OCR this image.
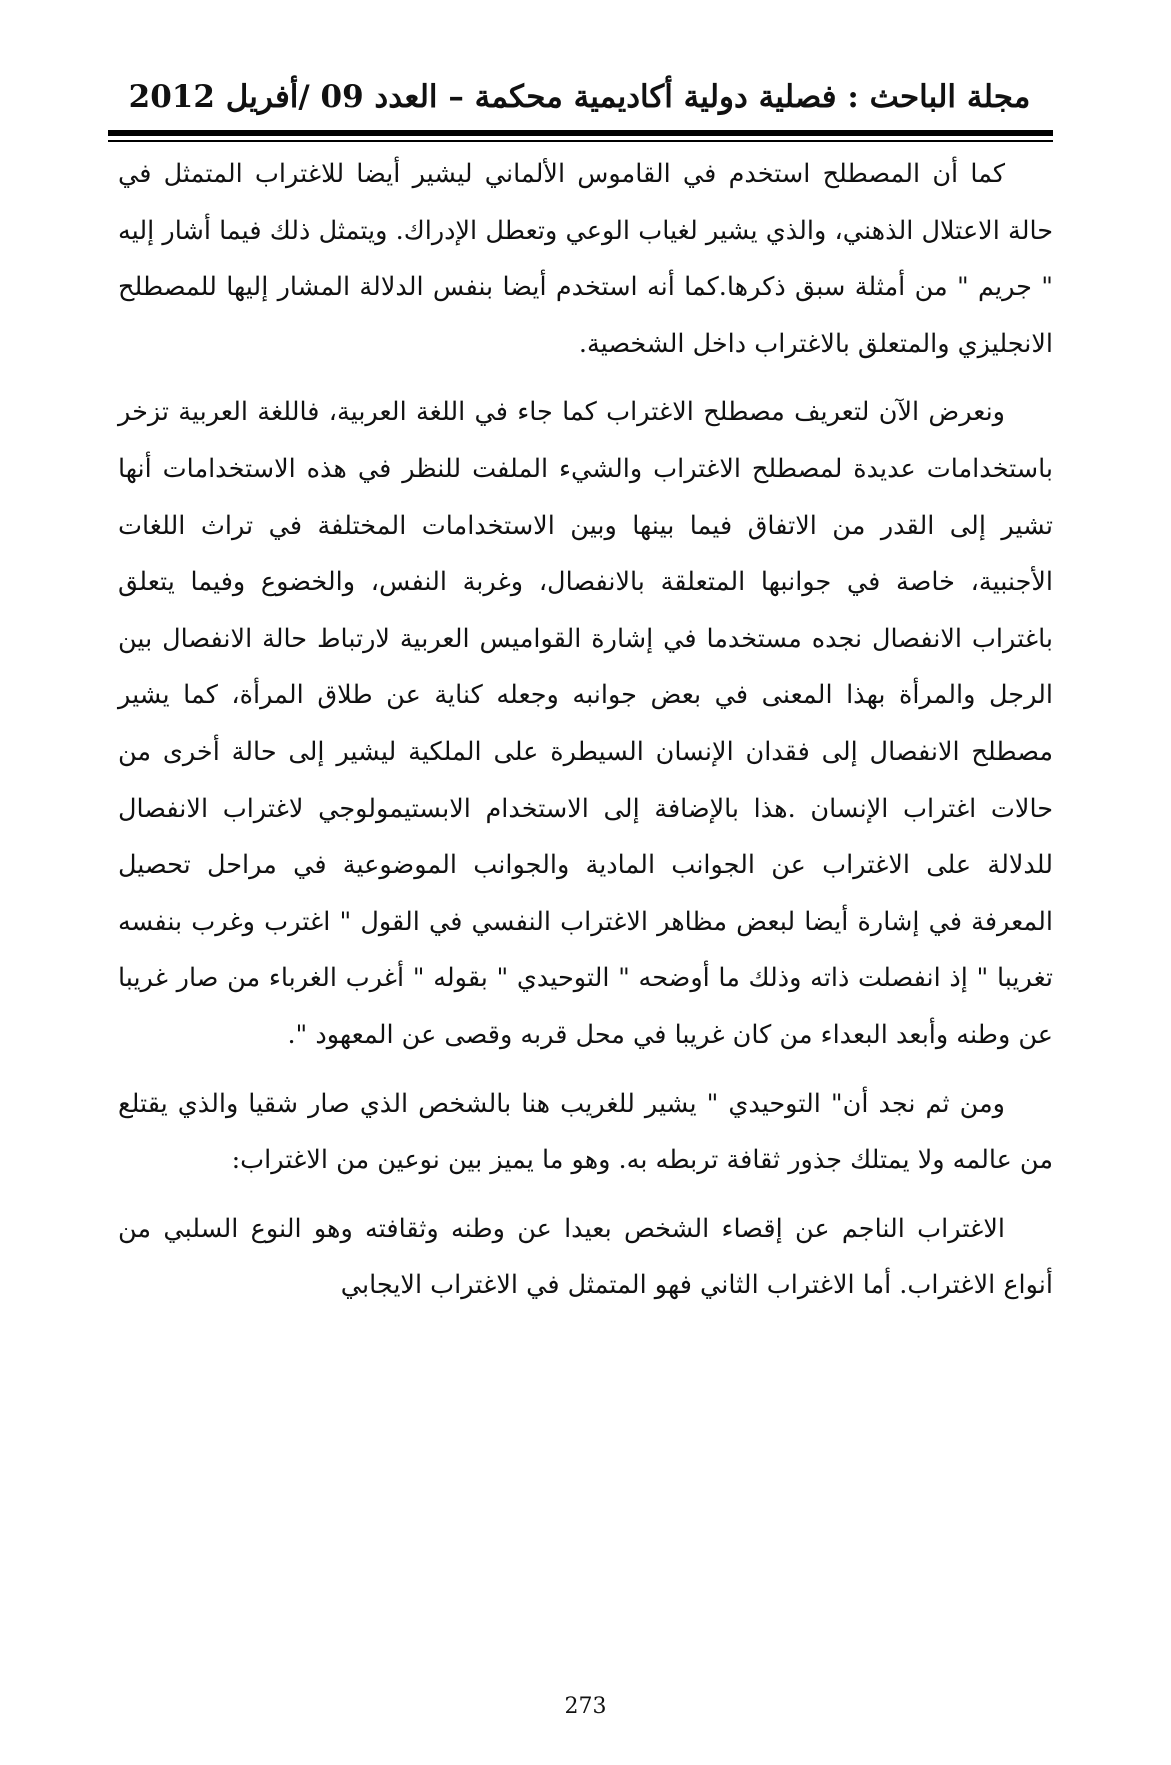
مجلة الباحث : فصلية دولية أكاديمية محكمة – العدد 09 /أفريل 2012

كما أن المصطلح استخدم في القاموس الألماني ليشير أيضا للاغتراب المتمثل في حالة الاعتلال الذهني، والذي يشير لغياب الوعي وتعطل الإدراك. ويتمثل ذلك فيما أشار إليه " جريم " من أمثلة سبق ذكرها.كما أنه استخدم أيضا بنفس الدلالة المشار إليها للمصطلح الانجليزي والمتعلق بالاغتراب داخل الشخصية.

ونعرض الآن لتعريف مصطلح الاغتراب كما جاء في اللغة العربية، فاللغة العربية تزخر باستخدامات عديدة لمصطلح الاغتراب والشيء الملفت للنظر في هذه الاستخدامات أنها تشير إلى القدر من الاتفاق فيما بينها وبين الاستخدامات المختلفة في تراث اللغات الأجنبية، خاصة في جوانبها المتعلقة بالانفصال، وغربة النفس، والخضوع وفيما يتعلق باغتراب الانفصال نجده مستخدما في إشارة القواميس العربية لارتباط حالة الانفصال بين الرجل والمرأة بهذا المعنى في بعض جوانبه وجعله كناية عن طلاق المرأة، كما يشير مصطلح الانفصال إلى فقدان الإنسان السيطرة على الملكية ليشير إلى حالة أخرى من حالات اغتراب الإنسان .هذا بالإضافة إلى الاستخدام الابستيمولوجي لاغتراب الانفصال للدلالة على الاغتراب عن الجوانب المادية والجوانب الموضوعية في مراحل تحصيل المعرفة في إشارة أيضا لبعض مظاهر الاغتراب النفسي في القول " اغترب وغرب بنفسه تغريبا " إذ انفصلت ذاته وذلك ما أوضحه " التوحيدي " بقوله " أغرب الغرباء من صار غريبا عن وطنه وأبعد البعداء من كان غريبا في محل قربه وقصى عن المعهود ".

ومن ثم نجد أن" التوحيدي " يشير للغريب هنا بالشخص الذي صار شقيا والذي يقتلع من عالمه ولا يمتلك جذور ثقافة تربطه به. وهو ما يميز بين نوعين من الاغتراب:

الاغتراب الناجم عن إقصاء الشخص بعيدا عن وطنه وثقافته وهو النوع السلبي من أنواع الاغتراب. أما الاغتراب الثاني فهو المتمثل في الاغتراب الايجابي

273
